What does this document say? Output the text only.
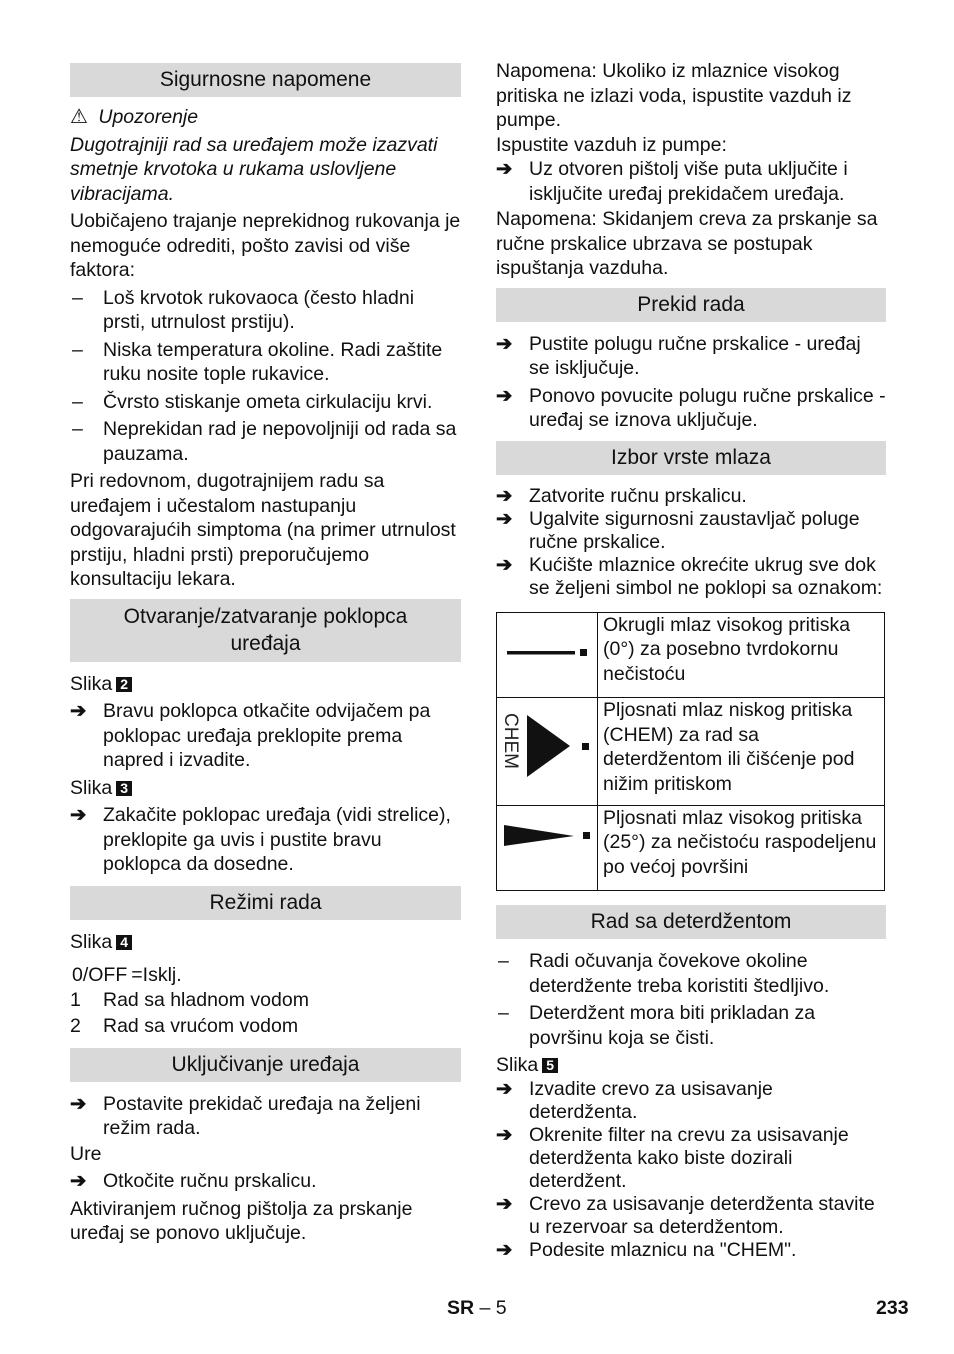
Sigurnosne napomene

⚠ Upozorenje

Dugotrajniji rad sa uređajem može izazvati smetnje krvotoka u rukama uslovljene vibracijama.

Uobičajeno trajanje neprekidnog rukovanja je nemoguće odrediti, pošto zavisi od više faktora:

–	Loš krvotok rukovaoca (često hladni prsti, utrnulost prstiju).
–	Niska temperatura okoline. Radi zaštite ruku nosite tople rukavice.
–	Čvrsto stiskanje ometa cirkulaciju krvi.
–	Neprekidan rad je nepovoljniji od rada sa pauzama.

Pri redovnom, dugotrajnijem radu sa uređajem i učestalom nastupanju odgovarajućih simptoma (na primer utrnulost prstiju, hladni prsti) preporučujemo konsultaciju lekara.

Otvaranje/zatvaranje poklopca uređaja

Slika 2

➔ Bravu poklopca otkačite odvijačem pa poklopac uređaja preklopite prema napred i izvadite.

Slika 3

➔ Zakačite poklopac uređaja (vidi strelice), preklopite ga uvis i pustite bravu poklopca da dosedne.
Režimi rada

Slika 4

0/OFF = Isklj.
1	Rad sa hladnom vodom
2	Rad sa vrućom vodom
Uključivanje uređaja
➔ Postavite prekidač uređaja na željeni režim rada.

Ure

➔ Otkočite ručnu prskalicu.

Aktiviranjem ručnog pištolja za prskanje uređaj se ponovo uključuje.

Napomena: Ukoliko iz mlaznice visokog pritiska ne izlazi voda, ispustite vazduh iz pumpe.

Ispustite vazduh iz pumpe:

➔ Uz otvoren pištolj više puta uključite i isključite uređaj prekidačem uređaja.

Napomena: Skidanjem creva za prskanje sa ručne prskalice ubrzava se postupak ispuštanja vazduha.

Prekid rada
➔ Pustite polugu ručne prskalice - uređaj se isključuje.
➔ Ponovo povucite polugu ručne prskalice - uređaj se iznova uključuje.
Izbor vrste mlaza
➔ Zatvorite ručnu prskalicu.
➔ Ugalvite sigurnosni zaustavljač poluge ručne prskalice.
➔ Kućište mlaznice okrećite ukrug sve dok se željeni simbol ne poklopi sa oznakom:
	Okrugli mlaz visokog pritiska (0°) za posebno tvrdokornu nečistoću

CHEM	Pljosnati mlaz niskog pritiska (CHEM) za rad sa deterdžentom ili čišćenje pod nižim pritiskom
	Pljosnati mlaz visokog pritiska (25°) za nečistoću raspodeljenu po većoj površini
Rad sa deterdžentom
–	Radi očuvanja čovekove okoline deterdžente treba koristiti štedljivo.
–	Deterdžent mora biti prikladan za površinu koja se čisti.

Slika 5

➔ Izvadite crevo za usisavanje deterdženta.
➔ Okrenite filter na crevu za usisavanje deterdženta kako biste dozirali deterdžent.
➔ Crevo za usisavanje deterdženta stavite u rezervoar sa deterdžentom.
➔ Podesite mlaznicu na "CHEM".
SR – 5	233
